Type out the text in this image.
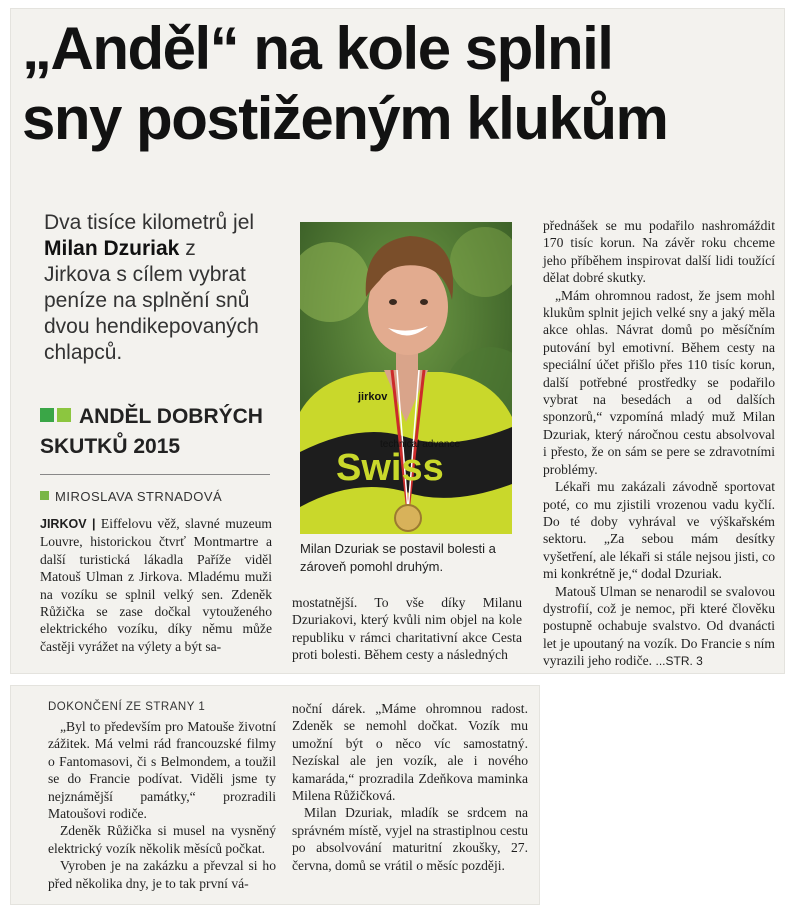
„Anděl“ na kole splnil
sny postiženým klukům
Dva tisíce kilometrů jel Milan Dzuriak z Jirkova s cílem vybrat peníze na splnění snů dvou hendikepovaných chlapců.
ANDĚL DOBRÝCH SKUTKŮ 2015
MIROSLAVA STRNADOVÁ

JIRKOV | Eiffelovu věž, slavné muzeum Louvre, historickou čtvrť Montmartre a další turistická lákadla Paříže viděl Matouš Ulman z Jirkova. Mladému muži na vozíku se splnil velký sen. Zdeněk Růžička se zase dočkal vytouženého elektrického vozíku, díky němu může častěji vyrážet na výlety a být sa-

jirkov
technical advance
Swiss
Milan Dzuriak se postavil bolesti a zároveň pomohl druhým.

mostatnější. To vše díky Milanu Dzuriakovi, který kvůli nim objel na kole republiku v rámci charitativní akce Cesta proti bolesti. Během cesty a následných

přednášek se mu podařilo nashromáždit 170 tisíc korun. Na závěr roku chceme jeho příběhem inspirovat další lidi toužící dělat dobré skutky.

„Mám ohromnou radost, že jsem mohl klukům splnit jejich velké sny a jaký měla akce ohlas. Návrat domů po měsíčním putování byl emotivní. Během cesty na speciální účet přišlo přes 110 tisíc korun, další potřebné prostředky se podařilo vybrat na besedách a od dalších sponzorů,“ vzpomíná mladý muž Milan Dzuriak, který náročnou cestu absolvoval i přesto, že on sám se pere se zdravotními problémy.

Lékaři mu zakázali závodně sportovat poté, co mu zjistili vrozenou vadu kyčlí. Do té doby vyhrával ve výškařském sektoru. „Za sebou mám desítky vyšetření, ale lékaři si stále nejsou jisti, co mi konkrétně je,“ dodal Dzuriak.

Matouš Ulman se nenarodil se svalovou dystrofií, což je nemoc, při které člověku postupně ochabuje svalstvo. Od dvanácti let je upoutaný na vozík. Do Francie s ním vyrazili jeho rodiče. ...STR. 3

DOKONČENÍ ZE STRANY 1

„Byl to především pro Matouše životní zážitek. Má velmi rád francouzské filmy o Fantomasovi, či s Belmondem, a toužil se do Francie podívat. Viděli jsme ty nejznámější památky,“ prozradili Matoušovi rodiče.

Zdeněk Růžička si musel na vysněný elektrický vozík několik měsíců počkat.

Vyroben je na zakázku a převzal si ho před několika dny, je to tak první vá-

noční dárek. „Máme ohromnou radost. Zdeněk se nemohl dočkat. Vozík mu umožní být o něco víc samostatný. Nezískal ale jen vozík, ale i nového kamaráda,“ prozradila Zdeňkova maminka Milena Růžičková.

Milan Dzuriak, mladík se srdcem na správném místě, vyjel na strastiplnou cestu po absolvování maturitní zkoušky, 27. června, domů se vrátil o měsíc později.
